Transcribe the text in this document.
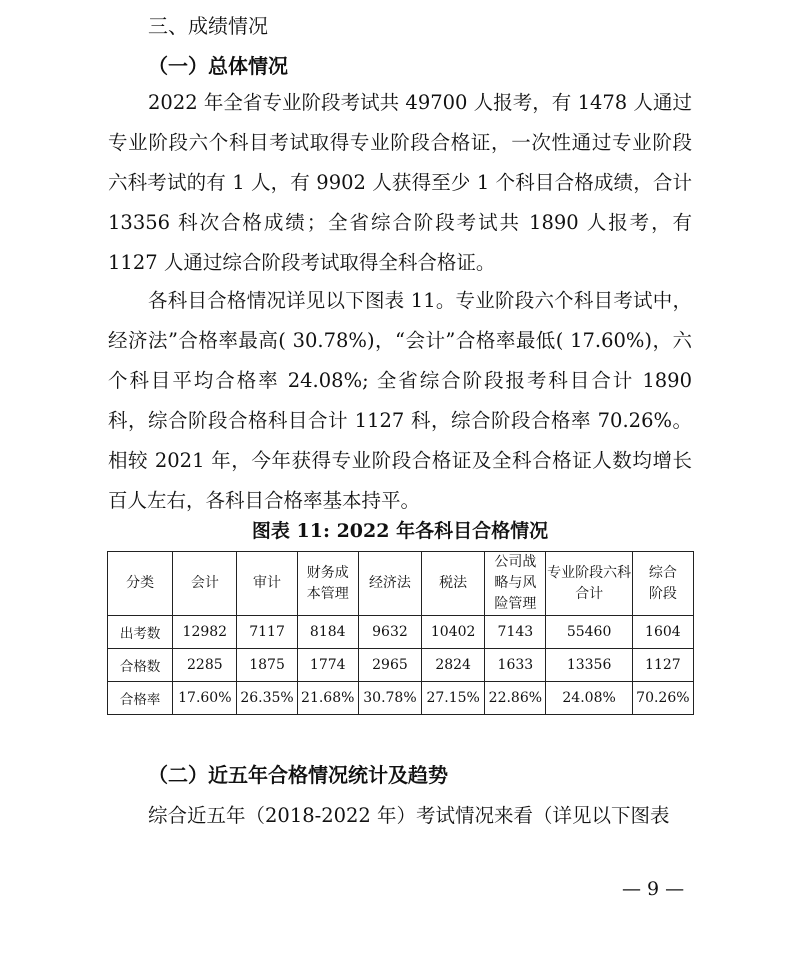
三、成绩情况
（一）总体情况

2022 年全省专业阶段考试共 49700 人报考，有 1478 人通过专业阶段六个科目考试取得专业阶段合格证，一次性通过专业阶段六科考试的有 1 人，有 9902 人获得至少 1 个科目合格成绩，合计 13356 科次合格成绩；全省综合阶段考试共 1890 人报考，有 1127 人通过综合阶段考试取得全科合格证。

各科目合格情况详见以下图表 11。专业阶段六个科目考试中，经济法”合格率最高( 30.78%)，“会计”合格率最低( 17.60%)，六个科目平均合格率 24.08%; 全省综合阶段报考科目合计 1890 科，综合阶段合格科目合计 1127 科，综合阶段合格率 70.26%。相较 2021 年，今年获得专业阶段合格证及全科合格证人数均增长百人左右，各科目合格率基本持平。

图表 11: 2022 年各科目合格情况

分类	会计	审计	财务成本管理	经济法	税法	公司战略与风险管理	专业阶段六科合计	综合阶段

出考数	12982	7117	8184	9632	10402	7143	55460	1604
合格数	2285	1875	1774	2965	2824	1633	13356	1127
合格率	17.60%	26.35%	21.68%	30.78%	27.15%	22.86%	24.08%	70.26%
（二）近五年合格情况统计及趋势

综合近五年（2018-2022 年）考试情况来看（详见以下图表

— 9 —
